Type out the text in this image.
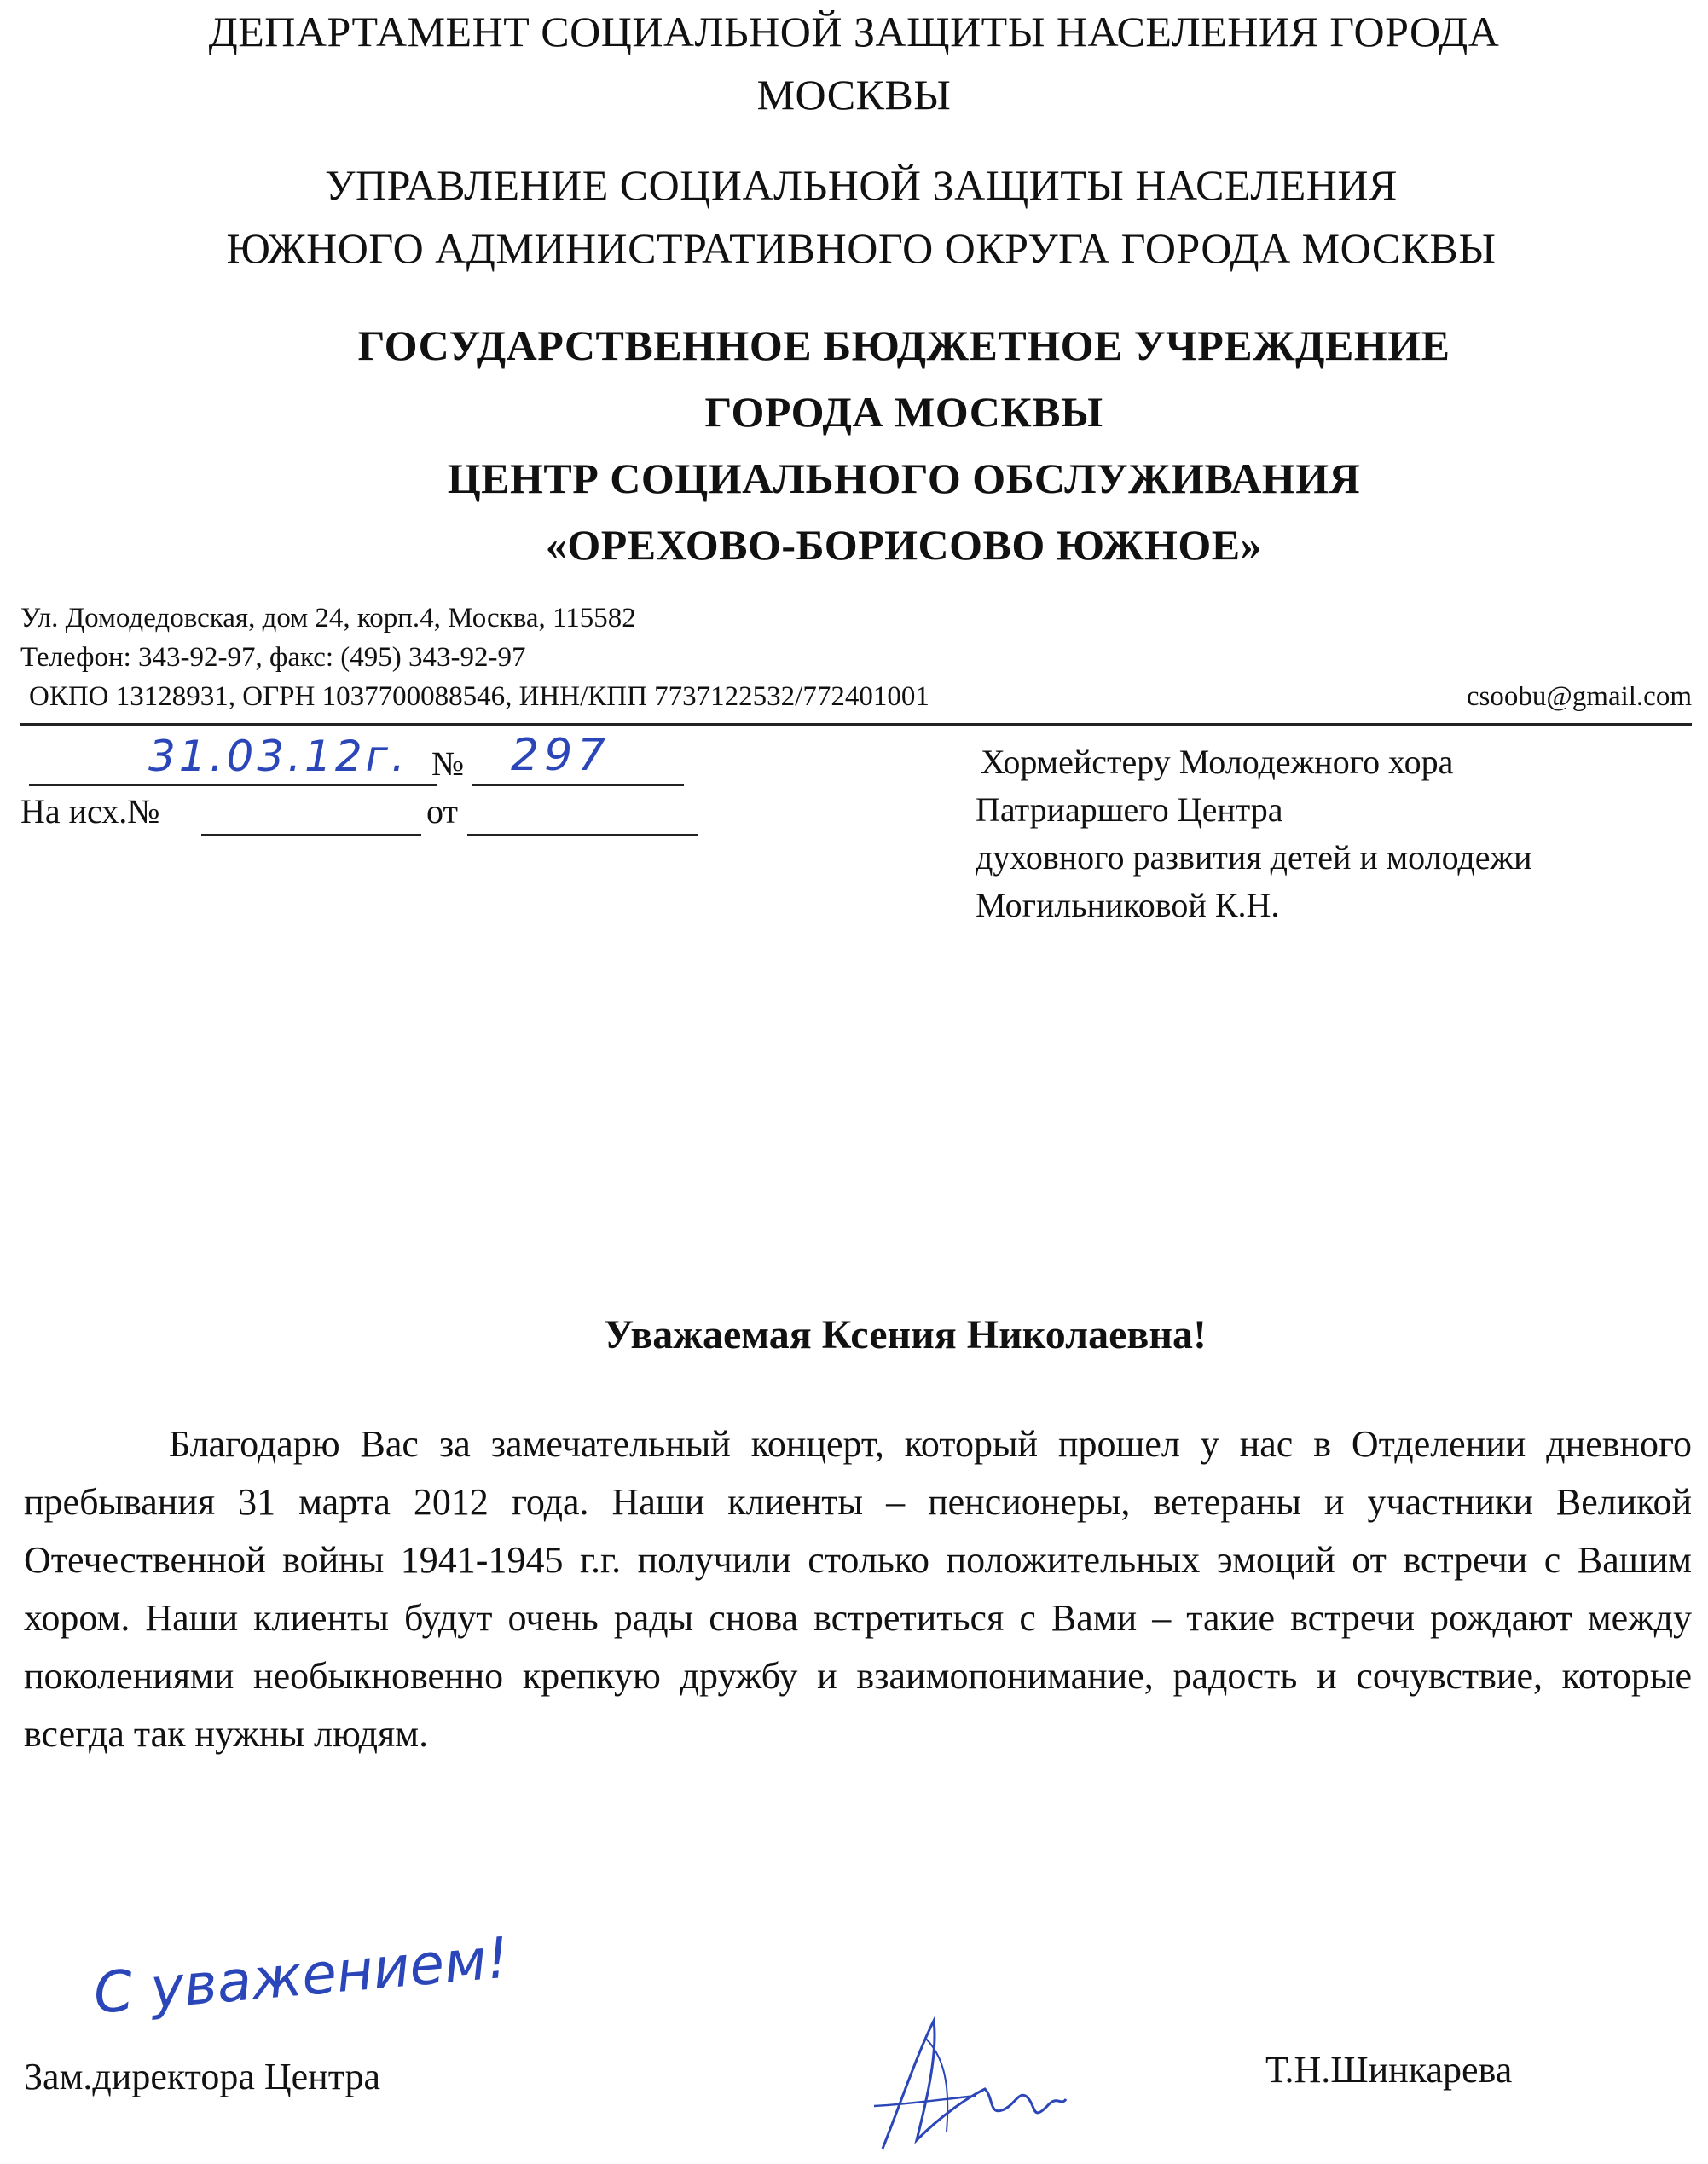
ДЕПАРТАМЕНТ СОЦИАЛЬНОЙ ЗАЩИТЫ НАСЕЛЕНИЯ ГОРОДА
МОСКВЫ
УПРАВЛЕНИЕ СОЦИАЛЬНОЙ ЗАЩИТЫ НАСЕЛЕНИЯ
ЮЖНОГО АДМИНИСТРАТИВНОГО ОКРУГА ГОРОДА МОСКВЫ
ГОСУДАРСТВЕННОЕ БЮДЖЕТНОЕ УЧРЕЖДЕНИЕ
ГОРОДА МОСКВЫ
ЦЕНТР СОЦИАЛЬНОГО ОБСЛУЖИВАНИЯ
«ОРЕХОВО-БОРИСОВО ЮЖНОЕ»
Ул. Домодедовская, дом 24, корп.4, Москва, 115582
Телефон: 343-92-97, факс: (495) 343-92-97
ОКПО 13128931, ОГРН 1037700088546, ИНН/КПП 7737122532/772401001	csoobu@gmail.com
31.03.12г. № 297
На исх.№	от
Хормейстеру Молодежного хора
Патриаршего Центра
духовного развития детей и молодежи
Могильниковой К.Н.
Уважаемая Ксения Николаевна!
Благодарю Вас за замечательный концерт, который прошел у нас в Отделении дневного пребывания 31 марта 2012 года. Наши клиенты – пенсионеры, ветераны и участники Великой Отечественной войны 1941-1945 г.г. получили столько положительных эмоций от встречи с Вашим хором. Наши клиенты будут очень рады снова встретиться с Вами – такие встречи рождают между поколениями необыкновенно крепкую дружбу и взаимопонимание, радость и сочувствие, которые всегда так нужны людям.
С уважением!
Зам.директора Центра	Т.Н.Шинкарева
